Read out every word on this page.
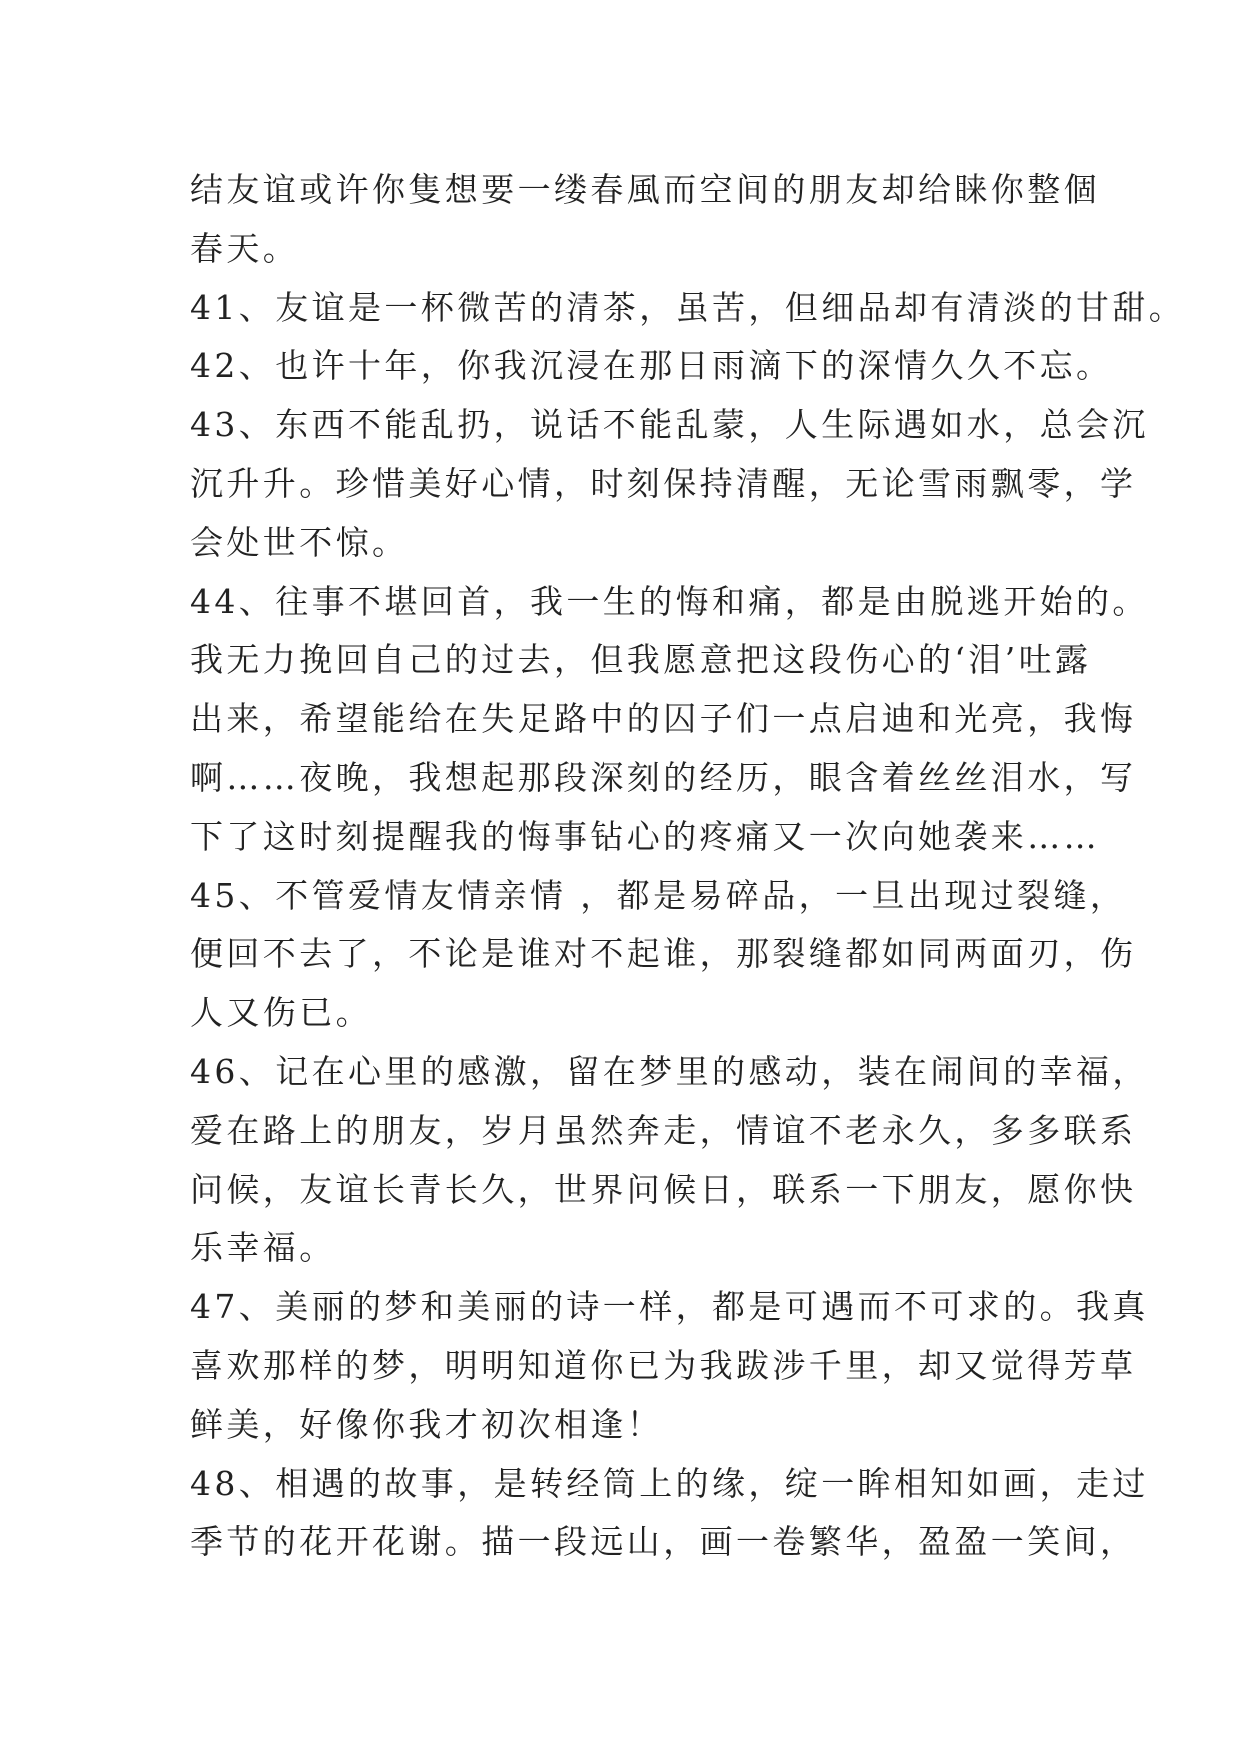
结友谊或许你隻想要一缕春風而空间的朋友却给睐你整個
春天。
41、友谊是一杯微苦的清茶，虽苦，但细品却有清淡的甘甜。
42、也许十年，你我沉浸在那日雨滴下的深情久久不忘。
43、东西不能乱扔，说话不能乱蒙，人生际遇如水，总会沉
沉升升。珍惜美好心情，时刻保持清醒，无论雪雨飘零，学
会处世不惊。
44、往事不堪回首，我一生的悔和痛，都是由脱逃开始的。
我无力挽回自己的过去，但我愿意把这段伤心的‘泪’吐露
出来，希望能给在失足路中的囚子们一点启迪和光亮，我悔
啊……夜晚，我想起那段深刻的经历，眼含着丝丝泪水，写
下了这时刻提醒我的悔事钻心的疼痛又一次向她袭来……
45、不管爱情友情亲情 ，都是易碎品，一旦出现过裂缝，
便回不去了，不论是谁对不起谁，那裂缝都如同两面刃，伤
人又伤已。
46、记在心里的感激，留在梦里的感动，装在闹间的幸福，
爱在路上的朋友，岁月虽然奔走，情谊不老永久，多多联系
问候，友谊长青长久，世界问候日，联系一下朋友，愿你快
乐幸福。
47、美丽的梦和美丽的诗一样，都是可遇而不可求的。我真
喜欢那样的梦，明明知道你已为我跋涉千里，却又觉得芳草
鲜美，好像你我才初次相逢！
48、相遇的故事，是转经筒上的缘，绽一眸相知如画，走过
季节的花开花谢。描一段远山，画一卷繁华，盈盈一笑间，
